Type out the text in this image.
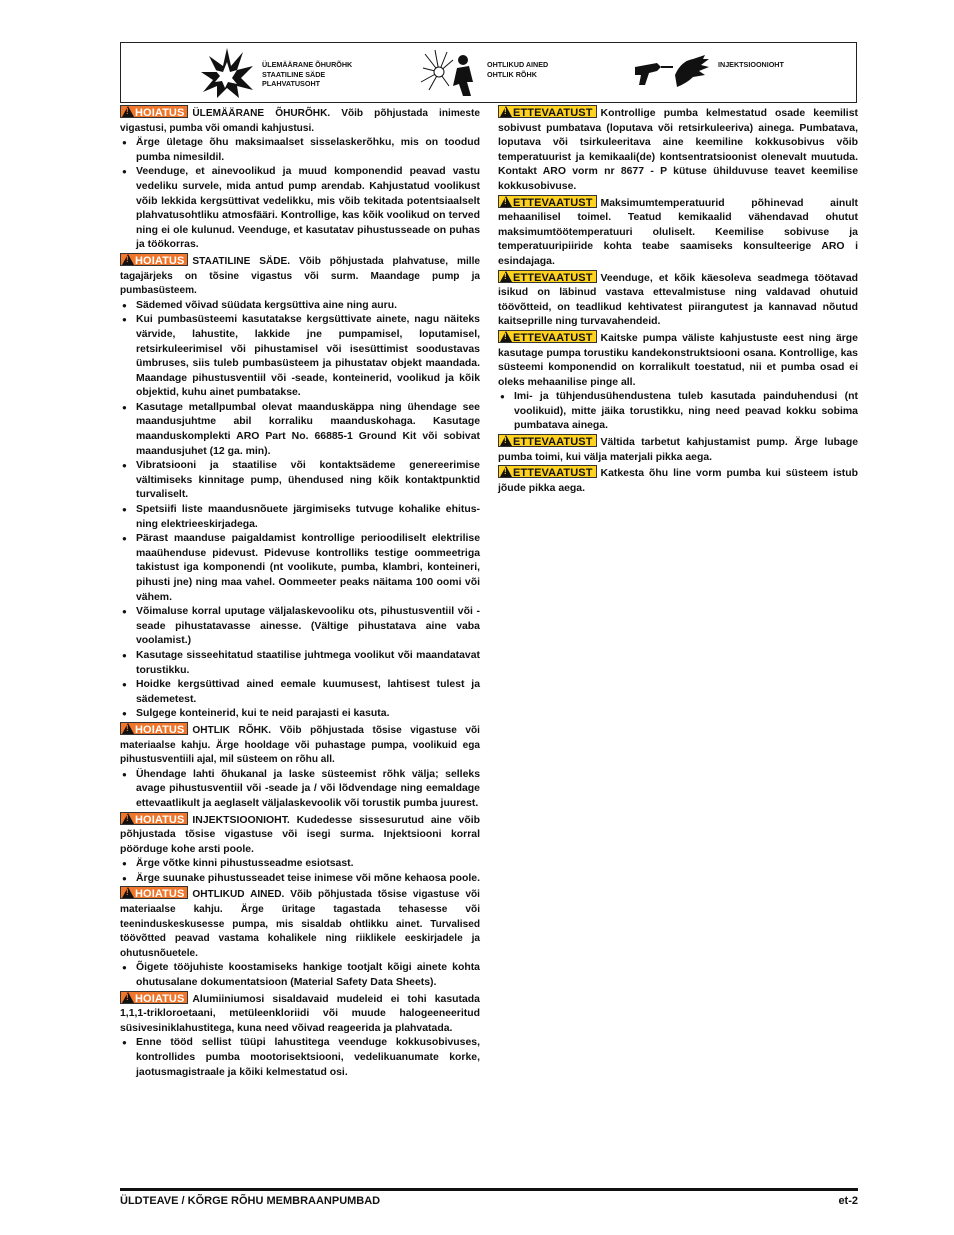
ÜLEMÄÄRANE ÕHURÕHK
STAATILINE SÄDE
PLAHVATUSOHT
OHTLIKUD AINED
OHTLIK RÕHK
INJEKTSIOONIOHT

!HOIATUS ÜLEMÄÄRANE ÕHURÕHK. Võib põhjustada inimeste vigastusi, pumba või omandi kahjustusi.

● Ärge ületage õhu maksimaalset sisselaskerõhku, mis on toodud pumba nimesildil.
● Veenduge, et ainevoolikud ja muud komponendid peavad vastu vedeliku survele, mida antud pump arendab. Kahjustatud voolikust võib lekkida kergsüttivat vedelikku, mis võib tekitada potentsiaalselt plahvatusohtliku atmosfääri. Kontrollige, kas kõik voolikud on terved ning ei ole kulunud. Veenduge, et kasutatav pihustusseade on puhas ja töökorras.

!HOIATUS STAATILINE SÄDE. Võib põhjustada plahvatuse, mille tagajärjeks on tõsine vigastus või surm. Maandage pump ja pumbasüsteem.

● Sädemed võivad süüdata kergsüttiva aine ning auru.
● Kui pumbasüsteemi kasutatakse kergsüttivate ainete, nagu näiteks värvide, lahustite, lakkide jne pumpamisel, loputamisel, retsirkuleerimisel või pihustamisel või isesüttimist soodustavas ümbruses, siis tuleb pumbasüsteem ja pihustatav objekt maandada. Maandage pihustusventiil või -seade, konteinerid, voolikud ja kõik objektid, kuhu ainet pumbatakse.
● Kasutage metallpumbal olevat maanduskäppa ning ühendage see maandusjuhtme abil korraliku maanduskohaga. Kasutage maanduskomplekti ARO Part No. 66885-1 Ground Kit või sobivat maandusjuhet (12 ga. min).
● Vibratsiooni ja staatilise või kontaktsädeme genereerimise vältimiseks kinnitage pump, ühendused ning kõik kontaktpunktid turvaliselt.
● Spetsiifi liste maandusnõuete järgimiseks tutvuge kohalike ehitus- ning elektrieeskirjadega.
● Pärast maanduse paigaldamist kontrollige perioodiliselt elektrilise maaühenduse pidevust. Pidevuse kontrolliks testige oommeetriga takistust iga komponendi (nt voolikute, pumba, klambri, konteineri, pihusti jne) ning maa vahel. Oommeeter peaks näitama 100 oomi või vähem.
● Võimaluse korral uputage väljalaskevooliku ots, pihustusventiil või -seade pihustatavasse ainesse. (Vältige pihustatava aine vaba voolamist.)
● Kasutage sisseehitatud staatilise juhtmega voolikut või maandatavat torustikku.
● Hoidke kergsüttivad ained eemale kuumusest, lahtisest tulest ja sädemetest.
● Sulgege konteinerid, kui te neid parajasti ei kasuta.

!HOIATUS OHTLIK RÕHK. Võib põhjustada tõsise vigastuse või materiaalse kahju. Ärge hooldage või puhastage pumpa, voolikuid ega pihustusventiili ajal, mil süsteem on rõhu all.

● Ühendage lahti õhukanal ja laske süsteemist rõhk välja; selleks avage pihustusventiil või -seade ja / või lõdvendage ning eemaldage ettevaatlikult ja aeglaselt väljalaskevoolik või torustik pumba juurest.

!HOIATUS INJEKTSIOONIOHT. Kudedesse sissesurutud aine võib põhjustada tõsise vigastuse või isegi surma. Injektsiooni korral pöörduge kohe arsti poole.

● Ärge võtke kinni pihustusseadme esiotsast.
● Ärge suunake pihustusseadet teise inimese või mõne kehaosa poole.

!HOIATUS OHTLIKUD AINED. Võib põhjustada tõsise vigastuse või materiaalse kahju. Ärge üritage tagastada tehasesse või teeninduskeskusesse pumpa, mis sisaldab ohtlikku ainet. Turvalised töövõtted peavad vastama kohalikele ning riiklikele eeskirjadele ja ohutusnõuetele.

● Õigete tööjuhiste koostamiseks hankige tootjalt kõigi ainete kohta ohutusalane dokumentatsioon (Material Safety Data Sheets).

!HOIATUS Alumiiniumosi sisaldavaid mudeleid ei tohi kasutada 1,1,1-trikloroetaani, metüleenkloriidi või muude halogeeneeritud süsivesiniklahustitega, kuna need võivad reageerida ja plahvatada.

● Enne tööd sellist tüüpi lahustitega veenduge kokkusobivuses, kontrollides pumba mootorisektsiooni, vedelikuanumate korke, jaotusmagistraale ja kõiki kelmestatud osi.

!ETTEVAATUST Kontrollige pumba kelmestatud osade keemilist sobivust pumbatava (loputava või retsirkuleeriva) ainega. Pumbatava, loputava või tsirkuleeritava aine keemiline kokkusobivus võib temperatuurist ja kemikaali(de) kontsentratsioonist olenevalt muutuda. Kontakt ARO vorm nr 8677 - P kütuse ühilduvuse teavet keemilise kokkusobivuse.

!ETTEVAATUST Maksimumtemperatuurid põhinevad ainult mehaanilisel toimel. Teatud kemikaalid vähendavad ohutut maksimumtöötemperatuuri oluliselt. Keemilise sobivuse ja temperatuuripiiride kohta teabe saamiseks konsulteerige ARO i esindajaga.

!ETTEVAATUST Veenduge, et kõik käesoleva seadmega töötavad isikud on läbinud vastava ettevalmistuse ning valdavad ohutuid töövõtteid, on teadlikud kehtivatest piirangutest ja kannavad nõutud kaitseprille ning turvavahendeid.

!ETTEVAATUST Kaitske pumpa väliste kahjustuste eest ning ärge kasutage pumpa torustiku kandekonstruktsiooni osana. Kontrollige, kas süsteemi komponendid on korralikult toestatud, nii et pumba osad ei oleks mehaanilise pinge all.

● Imi- ja tühjendusühendustena tuleb kasutada painduhendusi (nt voolikuid), mitte jäika torustikku, ning need peavad kokku sobima pumbatava ainega.

!ETTEVAATUST Vältida tarbetut kahjustamist pump. Ärge lubage pumba toimi, kui välja materjali pikka aega.

!ETTEVAATUST Katkesta õhu line vorm pumba kui süsteem istub jõude pikka aega.

ÜLDTEAVE / KÕRGE RÕHU MEMBRAANPUMBAD	et-2
